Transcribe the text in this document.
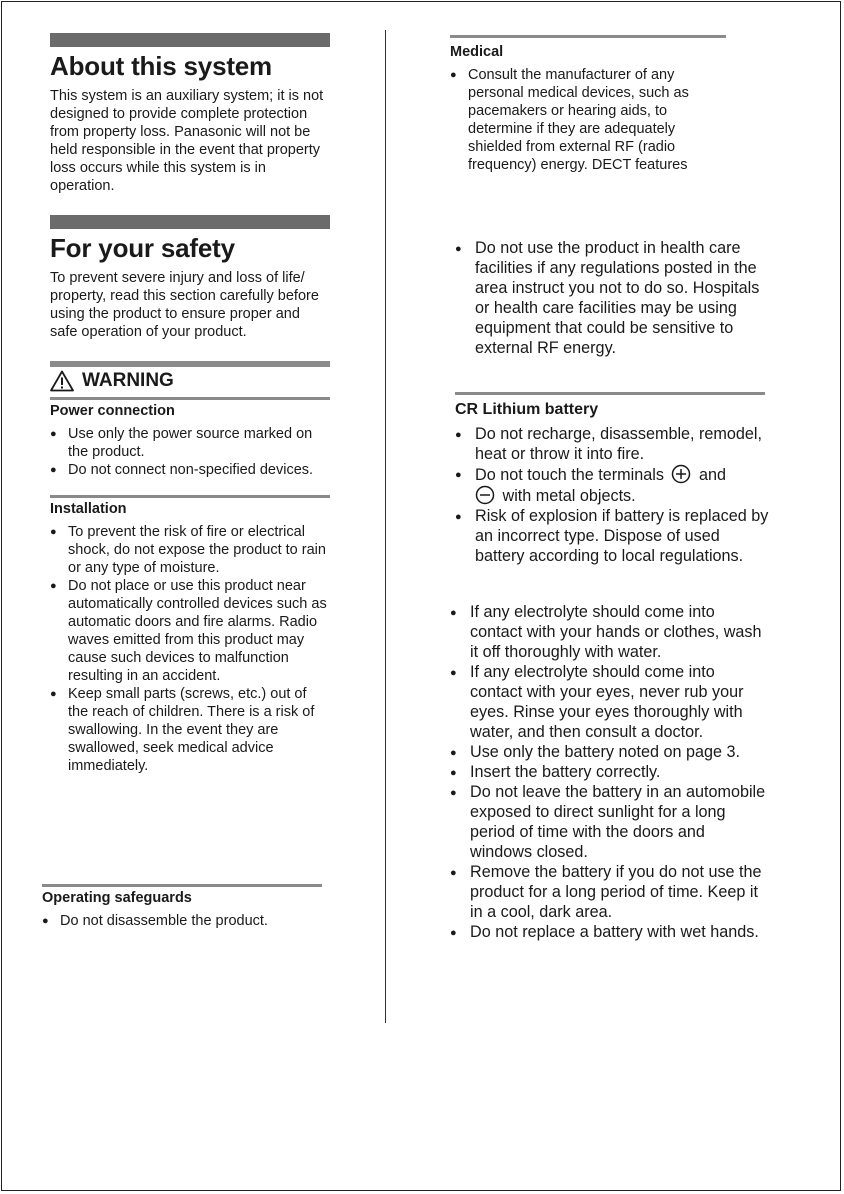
About this system

This system is an auxiliary system; it is not designed to provide complete protection from property loss. Panasonic will not be held responsible in the event that property loss occurs while this system is in operation.

For your safety

To prevent severe injury and loss of life/ property, read this section carefully before using the product to ensure proper and safe operation of your product.

WARNING
Power connection
● Use only the power source marked on the product.
● Do not connect non-specified devices.
Installation
● To prevent the risk of fire or electrical shock, do not expose the product to rain or any type of moisture.
● Do not place or use this product near automatically controlled devices such as automatic doors and fire alarms. Radio waves emitted from this product may cause such devices to malfunction resulting in an accident.
● Keep small parts (screws, etc.) out of the reach of children. There is a risk of swallowing. In the event they are swallowed, seek medical advice immediately.
Operating safeguards
● Do not disassemble the product.
Medical
● Consult the manufacturer of any personal medical devices, such as pacemakers or hearing aids, to determine if they are adequately shielded from external RF (radio frequency) energy. DECT features
● Do not use the product in health care facilities if any regulations posted in the area instruct you not to do so. Hospitals or health care facilities may be using equipment that could be sensitive to external RF energy.
CR Lithium battery
● Do not recharge, disassemble, remodel, heat or throw it into fire.
● Do not touch the terminals and
with metal objects.
● Risk of explosion if battery is replaced by an incorrect type. Dispose of used battery according to local regulations.
● If any electrolyte should come into contact with your hands or clothes, wash it off thoroughly with water.
● If any electrolyte should come into contact with your eyes, never rub your eyes. Rinse your eyes thoroughly with water, and then consult a doctor.
● Use only the battery noted on page 3.
● Insert the battery correctly.
● Do not leave the battery in an automobile exposed to direct sunlight for a long period of time with the doors and windows closed.
● Remove the battery if you do not use the product for a long period of time. Keep it in a cool, dark area.
● Do not replace a battery with wet hands.
